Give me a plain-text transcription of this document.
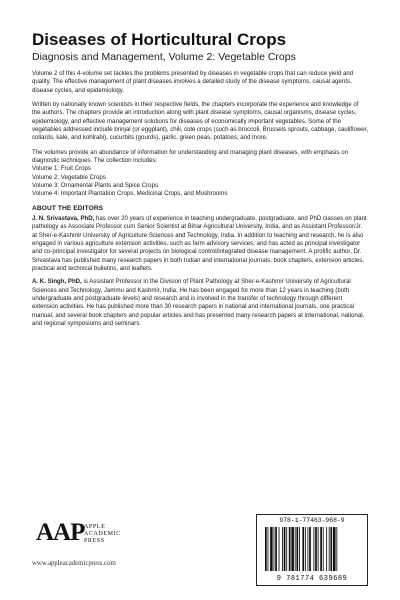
Diseases of Horticultural Crops
Diagnosis and Management, Volume 2: Vegetable Crops

Volume 2 of this 4-volume set tackles the problems presented by diseases in vegetable crops that can reduce yield and quality. The effective management of plant diseases involves a detailed study of the disease symptoms, causal agents, disease cycles, and epidemiology.

Written by nationally known scientists in their respective fields, the chapters incorporate the experience and knowledge of the authors. The chapters provide an introduction along with plant disease symptoms, causal organisms, disease cycles, epidemiology, and effective management solutions for diseases of economically important vegetables. Some of the vegetables addressed include brinjal (or eggplant), chili, cole crops (such as broccoli, Brussels sprouts, cabbage, cauliflower, collards, kale, and kohlrabi), cucurbits (gourds), garlic, green peas, potatoes, and more.

The volumes provide an abundance of information for understanding and managing plant diseases, with emphasis on diagnostic techniques. The collection includes:

Volume 1: Fruit Crops
Volume 2: Vegetable Crops
Volume 3: Ornamental Plants and Spice Crops
Volume 4: Important Plantation Crops, Medicinal Crops, and Mushrooms
ABOUT THE EDITORS

J. N. Srivastava, PhD, has over 20 years of experience in teaching undergraduate, postgraduate, and PhD classes on plant pathology as Associate Professor cum Senior Scientist at Bihar Agricultural University, India, and as Assistant Professor/Jr. at Sher-e-Kashmir University of Agriculture Sciences and Technology, India. In addition to teaching and research, he is also engaged in various agriculture extension activities, such as farm advisory services, and has acted as principal investigator and co-principal investigator for several projects on biological control/integrated disease management. A prolific author, Dr. Srivastava has published many research papers in both Indian and international journals, book chapters, extension articles, practical and technical bulletins, and leaflets.

A. K. Singh, PhD, is Assistant Professor in the Division of Plant Pathology at Sher-e-Kashmir University of Agricultural Sciences and Technology, Jammu and Kashmir, India. He has been engaged for more than 12 years in teaching (both undergraduate and postgraduate levels) and research and is involved in the transfer of technology through different extension activities. He has published more than 30 research papers in national and international journals, one practical manual, and several book chapters and popular articles and has presented many research papers at international, national, and regional symposiums and seminars.

AAP APPLE
ACADEMIC
PRESS
www.appleacademicpress.com
978-1-77463-968-9
9 781774 639689
